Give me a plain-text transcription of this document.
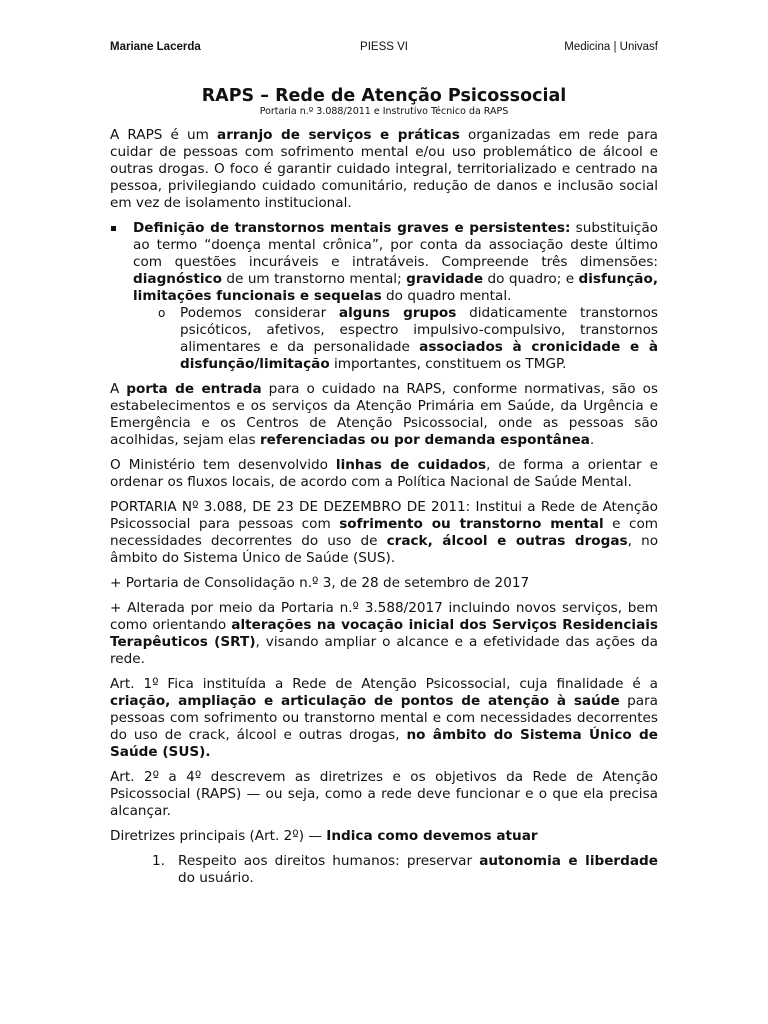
Mariane Lacerda	PIESS VI	Medicina | Univasf
RAPS – Rede de Atenção Psicossocial
Portaria n.º 3.088/2011 e Instrutivo Técnico da RAPS

A RAPS é um arranjo de serviços e práticas organizadas em rede para cuidar de pessoas com sofrimento mental e/ou uso problemático de álcool e outras drogas. O foco é garantir cuidado integral, territorializado e centrado na pessoa, privilegiando cuidado comunitário, redução de danos e inclusão social em vez de isolamento institucional.

Definição de transtornos mentais graves e persistentes: substituição ao termo “doença mental crônica”, por conta da associação deste último com questões incuráveis e intratáveis. Compreende três dimensões: diagnóstico de um transtorno mental; gravidade do quadro; e disfunção, limitações funcionais e sequelas do quadro mental.
o Podemos considerar alguns grupos didaticamente transtornos psicóticos, afetivos, espectro impulsivo-compulsivo, transtornos alimentares e da personalidade associados à cronicidade e à disfunção/limitação importantes, constituem os TMGP.

A porta de entrada para o cuidado na RAPS, conforme normativas, são os estabelecimentos e os serviços da Atenção Primária em Saúde, da Urgência e Emergência e os Centros de Atenção Psicossocial, onde as pessoas são acolhidas, sejam elas referenciadas ou por demanda espontânea.

O Ministério tem desenvolvido linhas de cuidados, de forma a orientar e ordenar os fluxos locais, de acordo com a Política Nacional de Saúde Mental.

PORTARIA Nº 3.088, DE 23 DE DEZEMBRO DE 2011: Institui a Rede de Atenção Psicossocial para pessoas com sofrimento ou transtorno mental e com necessidades decorrentes do uso de crack, álcool e outras drogas, no âmbito do Sistema Único de Saúde (SUS).

+ Portaria de Consolidação n.º 3, de 28 de setembro de 2017

+ Alterada por meio da Portaria n.º 3.588/2017 incluindo novos serviços, bem como orientando alterações na vocação inicial dos Serviços Residenciais Terapêuticos (SRT), visando ampliar o alcance e a efetividade das ações da rede.

Art. 1º Fica instituída a Rede de Atenção Psicossocial, cuja finalidade é a criação, ampliação e articulação de pontos de atenção à saúde para pessoas com sofrimento ou transtorno mental e com necessidades decorrentes do uso de crack, álcool e outras drogas, no âmbito do Sistema Único de Saúde (SUS).

Art. 2º a 4º descrevem as diretrizes e os objetivos da Rede de Atenção Psicossocial (RAPS) — ou seja, como a rede deve funcionar e o que ela precisa alcançar.

Diretrizes principais (Art. 2º) — Indica como devemos atuar

1. Respeito aos direitos humanos: preservar autonomia e liberdade do usuário.
